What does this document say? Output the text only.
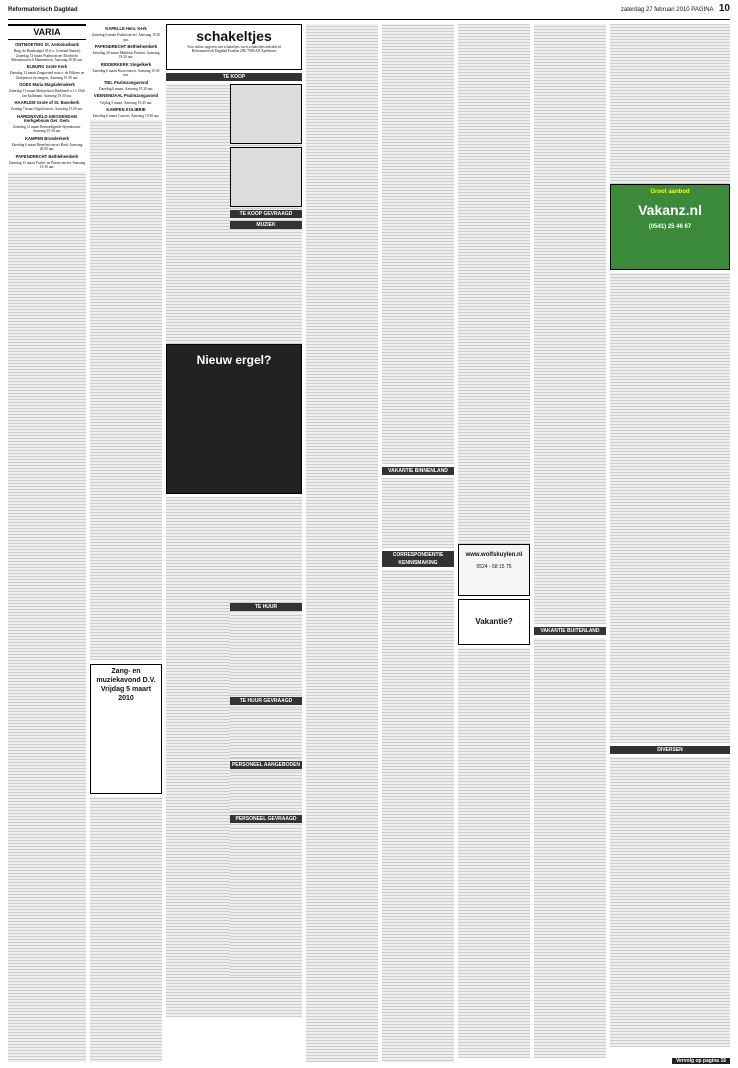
Reformatorisch Dagblad	zaterdag 27 februari 2010 PAGINA 10
VARIA
ONTMOETING St. Antoniusbank

Burg. de Raadtsingel 45 (t.o. Centraal Station) Zaterdag 13 maart Psalmconcert Dordrecht Reformatorisch Mannenkoor. Aanvang 20.00 uur.

ELBURG Grote Kerk

Zaterdag 13 maart Zangavond m.m.v. de Eikkers en Oranjekoor en zangers. Aanvang 19.30 uur.

GOES Maria Magdalenakerk

Zaterdag 13 maart Meisjeskoor Haiklands o.l.v. Dirk Jan Kullmann, Aanvang 19.30 uur.

HAARLEM Grote of St. Bavokerk

Zondag 7 maart Orgelconcert. Aanvang 15.00 uur.

HARDINXVELD-GIESSENDAM Kerkgebouw Ger. Gem.

Zaterdag 13 maart Bemoedigende bijeenkomst. Aanvang 19.30 uur.

KAMPEN Broederkerk

Zaterdag 6 maart Benefietconcert Haiti. Aanvang 20.00 uur.

PAPENDRECHT Bethlehemkerk

Zaterdag 13 maart Psalm- en Passieconcert. Aanvang 19.30 uur.

KAPELLE Herv. Kerk

Zaterdag 6 maart Psalmconcert. Aanvang 19.30 uur.

PAPENDRECHT Bethlehemkerk

Zaterdag 20 maart Matthäus Passion. Aanvang 19.30 uur.

RIDDERKERK Singelkerk

Zaterdag 6 maart Koorconcert. Aanvang 19.30 uur.

TIEL Psalmzangavond

Zaterdag 6 maart. Aanvang 19.30 uur.

VEENENDAAL Psalmzangavond

Vrijdag 5 maart. Aanvang 19.45 uur.

KAMPEN KOLIBRIE

Zaterdag 6 maart Concert. Aanvang 19.30 uur.

Zang- en muziekavond D.V. Vrijdag 5 maart 2010
schakeltjes
Voor online opgeven van schakeltjes www.schakeltjes.erdedrei.nl
Reformatorisch Dagblad Postbus 298, 7000 AD Apeldoorn
TE KOOP
Nieuw ergel?
TE KOOP GEVRAAGD
MUZIEK
TE HUUR
TE HUUR GEVRAAGD
PERSONEEL AANGEBODEN
PERSONEEL GEVRAAGD
VAKANTIE BINNENLAND
CORRESPONDENTIE KENNISMAKING
www.wolfskuylen.nl
0524 - 58 15 75
Vakantie?
VAKANTIE BUITENLAND
Groot aanbod
Vakanz.nl
(0541) 25 46 67
DIVERSEN
Vervolg op pagina 16
